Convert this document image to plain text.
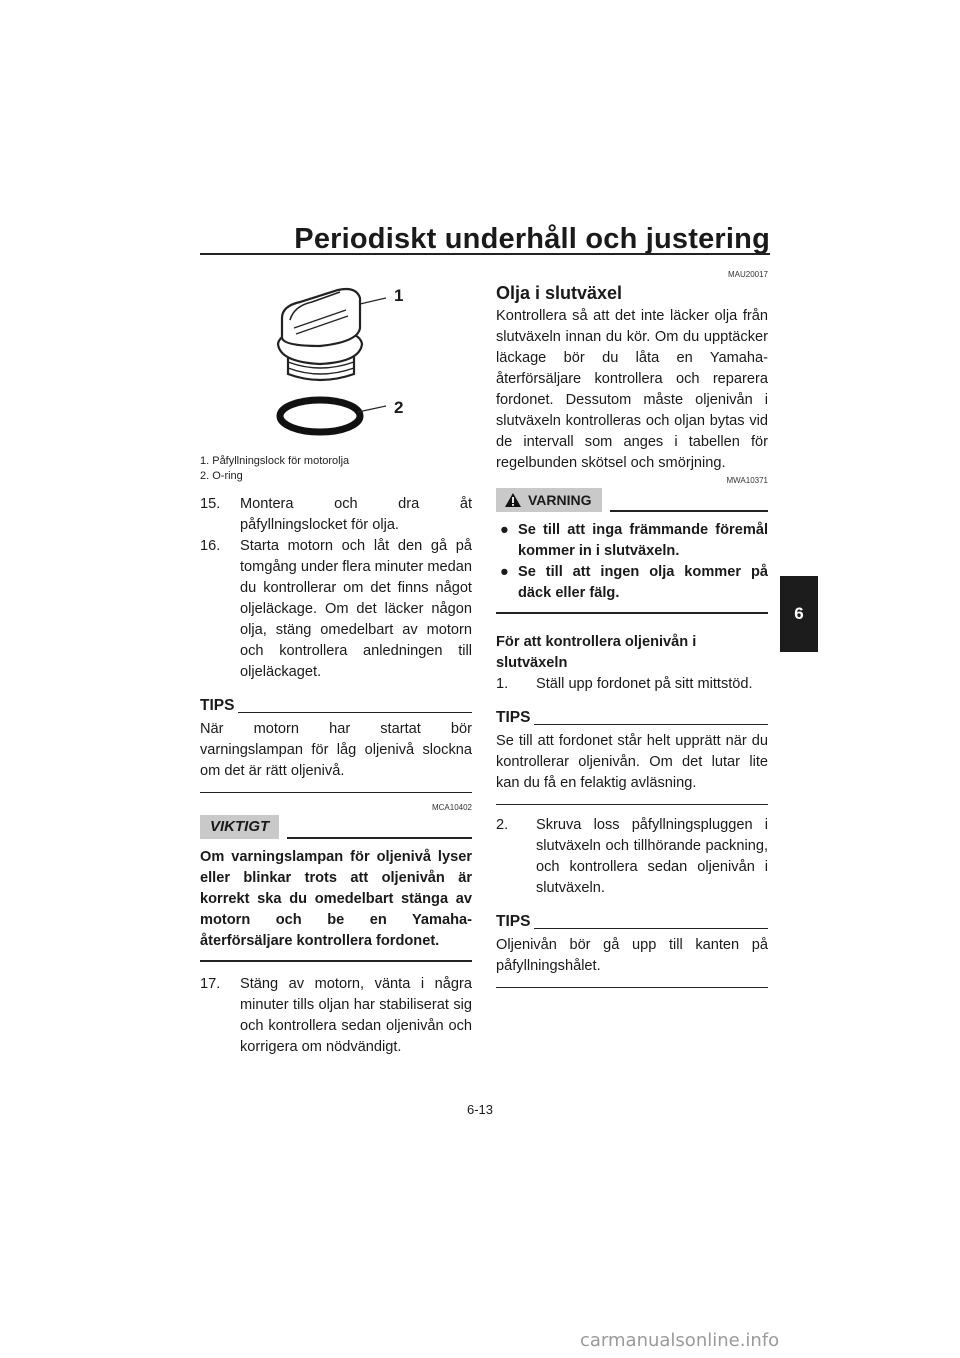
Periodiskt underhåll och justering
6
1
2
1. Påfyllningslock för motorolja
2. O-ring
15.	Montera och dra åt påfyllningslocket för olja.
16.	Starta motorn och låt den gå på tomgång under flera minuter medan du kontrollerar om det finns något oljeläckage. Om det läcker någon olja, stäng omedelbart av motorn och kontrollera anledningen till oljeläckaget.
TIPS

När motorn har startat bör varningslampan för låg oljenivå slockna om det är rätt oljenivå.

MCA10402
VIKTIGT

Om varningslampan för oljenivå lyser eller blinkar trots att oljenivån är korrekt ska du omedelbart stänga av motorn och be en Yamaha-återförsäljare kontrollera fordonet.

17.	Stäng av motorn, vänta i några minuter tills oljan har stabiliserat sig och kontrollera sedan oljenivån och korrigera om nödvändigt.
MAU20017
Olja i slutväxel

Kontrollera så att det inte läcker olja från slutväxeln innan du kör. Om du upptäcker läckage bör du låta en Yamaha-återförsäljare kontrollera och reparera fordonet. Dessutom måste oljenivån i slutväxeln kontrolleras och oljan bytas vid de intervall som anges i tabellen för regelbunden skötsel och smörjning.

MWA10371
VARNING
● Se till att inga främmande föremål kommer in i slutväxeln.
● Se till att ingen olja kommer på däck eller fälg.
För att kontrollera oljenivån i slutväxeln
1.	Ställ upp fordonet på sitt mittstöd.
TIPS

Se till att fordonet står helt upprätt när du kontrollerar oljenivån. Om det lutar lite kan du få en felaktig avläsning.

2.	Skruva loss påfyllningspluggen i slutväxeln och tillhörande packning, och kontrollera sedan oljenivån i slutväxeln.
TIPS

Oljenivån bör gå upp till kanten på påfyllningshålet.

6-13
carmanualsonline.info
